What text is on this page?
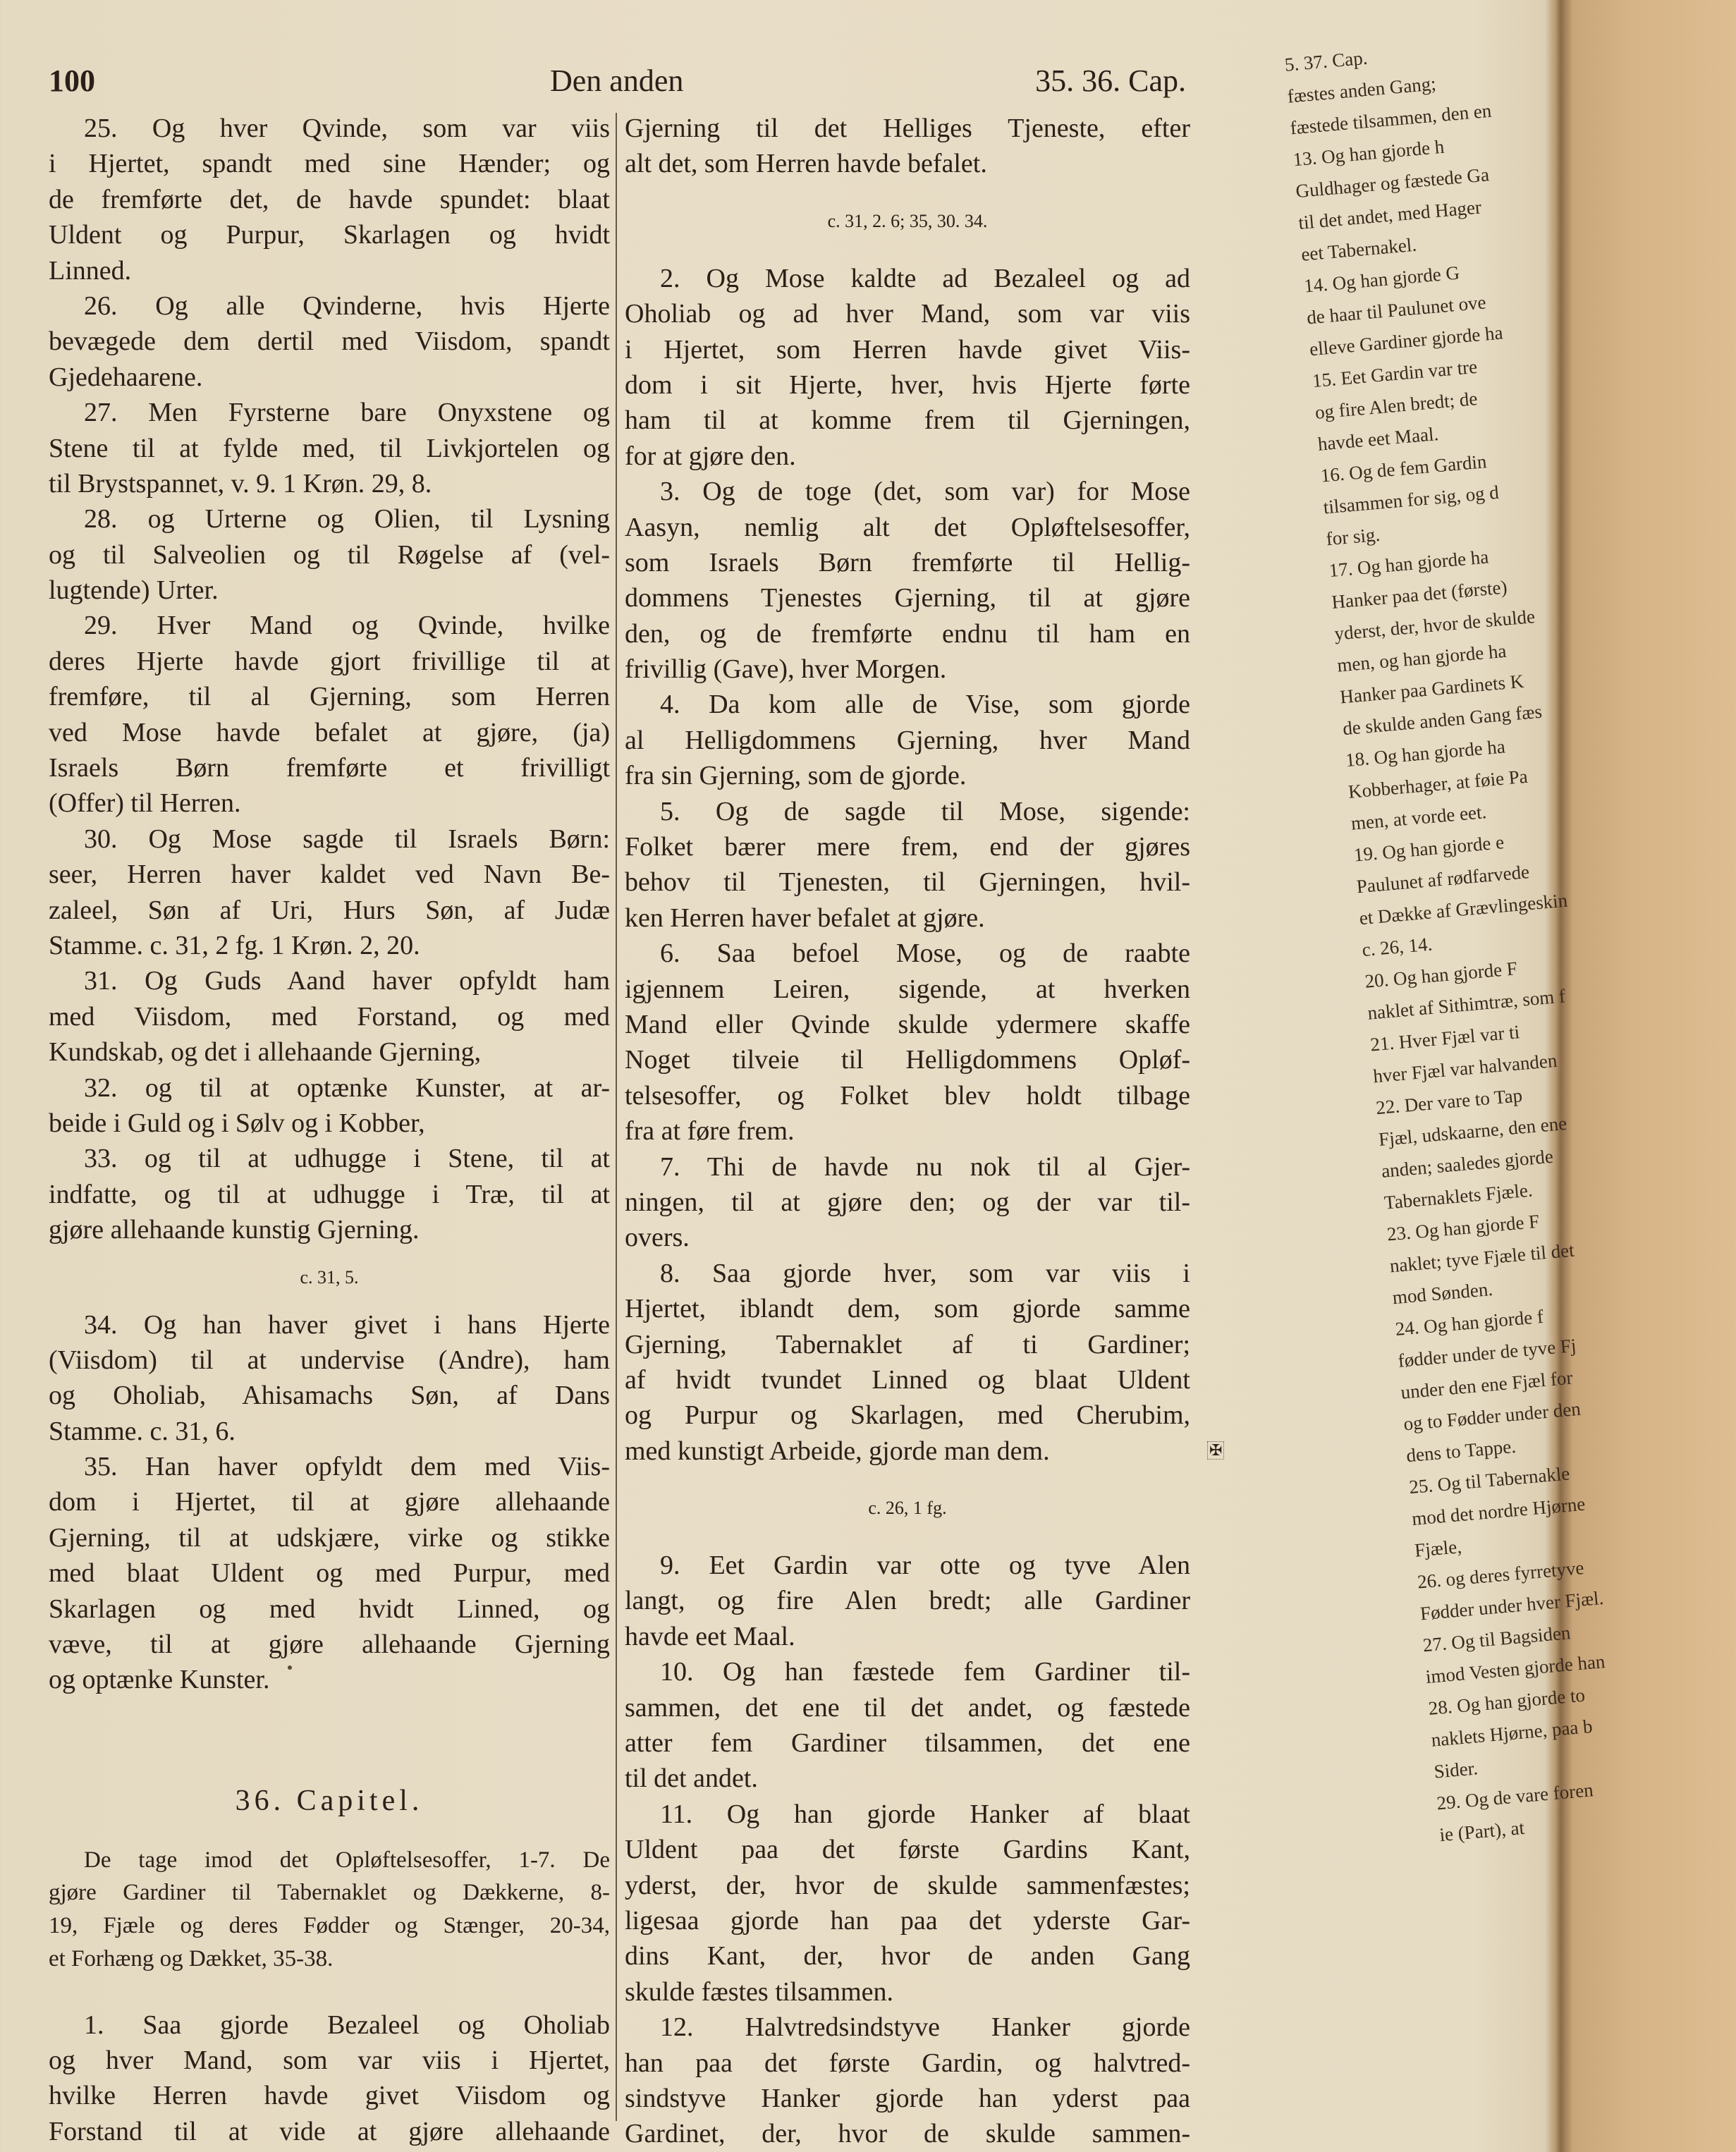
100	Den anden	35. 36. Cap.
25. Og hver Qvinde, som var viis
i Hjertet, spandt med sine Hænder; og
de fremførte det, de havde spundet: blaat
Uldent og Purpur, Skarlagen og hvidt
Linned.
26. Og alle Qvinderne, hvis Hjerte
bevægede dem dertil med Viisdom, spandt
Gjedehaarene.
27. Men Fyrsterne bare Onyxstene og
Stene til at fylde med, til Livkjortelen og
til Brystspannet, v. 9. 1 Krøn. 29, 8.
28. og Urterne og Olien, til Lysning
og til Salveolien og til Røgelse af (vel-
lugtende) Urter.
29. Hver Mand og Qvinde, hvilke
deres Hjerte havde gjort frivillige til at
fremføre, til al Gjerning, som Herren
ved Mose havde befalet at gjøre, (ja)
Israels Børn fremførte et frivilligt
(Offer) til Herren.
30. Og Mose sagde til Israels Børn:
seer, Herren haver kaldet ved Navn Be-
zaleel, Søn af Uri, Hurs Søn, af Judæ
Stamme. c. 31, 2 fg. 1 Krøn. 2, 20.
31. Og Guds Aand haver opfyldt ham
med Viisdom, med Forstand, og med
Kundskab, og det i allehaande Gjerning,
32. og til at optænke Kunster, at ar-
beide i Guld og i Sølv og i Kobber,
33. og til at udhugge i Stene, til at
indfatte, og til at udhugge i Træ, til at
gjøre allehaande kunstig Gjerning.
c. 31, 5.
34. Og han haver givet i hans Hjerte
(Viisdom) til at undervise (Andre), ham
og Oholiab, Ahisamachs Søn, af Dans
Stamme. c. 31, 6.
35. Han haver opfyldt dem med Viis-
dom i Hjertet, til at gjøre allehaande
Gjerning, til at udskjære, virke og stikke
med blaat Uldent og med Purpur, med
Skarlagen og med hvidt Linned, og
væve, til at gjøre allehaande Gjerning
og optænke Kunster.
36. Capitel.
De tage imod det Opløftelsesoffer, 1-7. De
gjøre Gardiner til Tabernaklet og Dækkerne, 8-
19, Fjæle og deres Fødder og Stænger, 20-34,
et Forhæng og Dækket, 35-38.
1. Saa gjorde Bezaleel og Oholiab
og hver Mand, som var viis i Hjertet,
hvilke Herren havde givet Viisdom og
Forstand til at vide at gjøre allehaande
Gjerning til det Helliges Tjeneste, efter
alt det, som Herren havde befalet.
c. 31, 2. 6; 35, 30. 34.
2. Og Mose kaldte ad Bezaleel og ad
Oholiab og ad hver Mand, som var viis
i Hjertet, som Herren havde givet Viis-
dom i sit Hjerte, hver, hvis Hjerte førte
ham til at komme frem til Gjerningen,
for at gjøre den.
3. Og de toge (det, som var) for Mose
Aasyn, nemlig alt det Opløftelsesoffer,
som Israels Børn fremførte til Hellig-
dommens Tjenestes Gjerning, til at gjøre
den, og de fremførte endnu til ham en
frivillig (Gave), hver Morgen.
4. Da kom alle de Vise, som gjorde
al Helligdommens Gjerning, hver Mand
fra sin Gjerning, som de gjorde.
5. Og de sagde til Mose, sigende:
Folket bærer mere frem, end der gjøres
behov til Tjenesten, til Gjerningen, hvil-
ken Herren haver befalet at gjøre.
6. Saa befoel Mose, og de raabte
igjennem Leiren, sigende, at hverken
Mand eller Qvinde skulde ydermere skaffe
Noget tilveie til Helligdommens Opløf-
telsesoffer, og Folket blev holdt tilbage
fra at føre frem.
7. Thi de havde nu nok til al Gjer-
ningen, til at gjøre den; og der var til-
overs.
8. Saa gjorde hver, som var viis i
Hjertet, iblandt dem, som gjorde samme
Gjerning, Tabernaklet af ti Gardiner;
af hvidt tvundet Linned og blaat Uldent
og Purpur og Skarlagen, med Cherubim,
med kunstigt Arbeide, gjorde man dem.
c. 26, 1 fg.
9. Eet Gardin var otte og tyve Alen
langt, og fire Alen bredt; alle Gardiner
havde eet Maal.
10. Og han fæstede fem Gardiner til-
sammen, det ene til det andet, og fæstede
atter fem Gardiner tilsammen, det ene
til det andet.
11. Og han gjorde Hanker af blaat
Uldent paa det første Gardins Kant,
yderst, der, hvor de skulde sammenfæstes;
ligesaa gjorde han paa det yderste Gar-
dins Kant, der, hvor de anden Gang
skulde fæstes tilsammen.
12. Halvtredsindstyve Hanker gjorde
han paa det første Gardin, og halvtred-
sindstyve Hanker gjorde han yderst paa
Gardinet, der, hvor de skulde sammen-
✠
5. 37. Cap.
fæstes anden Gang;
fæstede tilsammen, den en
13. Og han gjorde h
Guldhager og fæstede Ga
til det andet, med Hager
eet Tabernakel.
14. Og han gjorde G
de haar til Paulunet ove
elleve Gardiner gjorde ha
15. Eet Gardin var tre
og fire Alen bredt; de
havde eet Maal.
16. Og de fem Gardin
tilsammen for sig, og d
for sig.
17. Og han gjorde ha
Hanker paa det (første)
yderst, der, hvor de skulde
men, og han gjorde ha
Hanker paa Gardinets K
de skulde anden Gang fæs
18. Og han gjorde ha
Kobberhager, at føie Pa
men, at vorde eet.
19. Og han gjorde e
Paulunet af rødfarvede
et Dække af Grævlingeskin
c. 26, 14.
20. Og han gjorde F
naklet af Sithimtræ, som f
21. Hver Fjæl var ti
hver Fjæl var halvanden
22. Der vare to Tap
Fjæl, udskaarne, den ene
anden; saaledes gjorde
Tabernaklets Fjæle.
23. Og han gjorde F
naklet; tyve Fjæle til det
mod Sønden.
24. Og han gjorde f
fødder under de tyve Fj
under den ene Fjæl for
og to Fødder under den
dens to Tappe.
25. Og til Tabernakle
mod det nordre Hjørne
Fjæle,
26. og deres fyrretyve
Fødder under hver Fjæl.
27. Og til Bagsiden
imod Vesten gjorde han
28. Og han gjorde to
naklets Hjørne, paa b
Sider.
29. Og de vare foren
ie (Part), at
